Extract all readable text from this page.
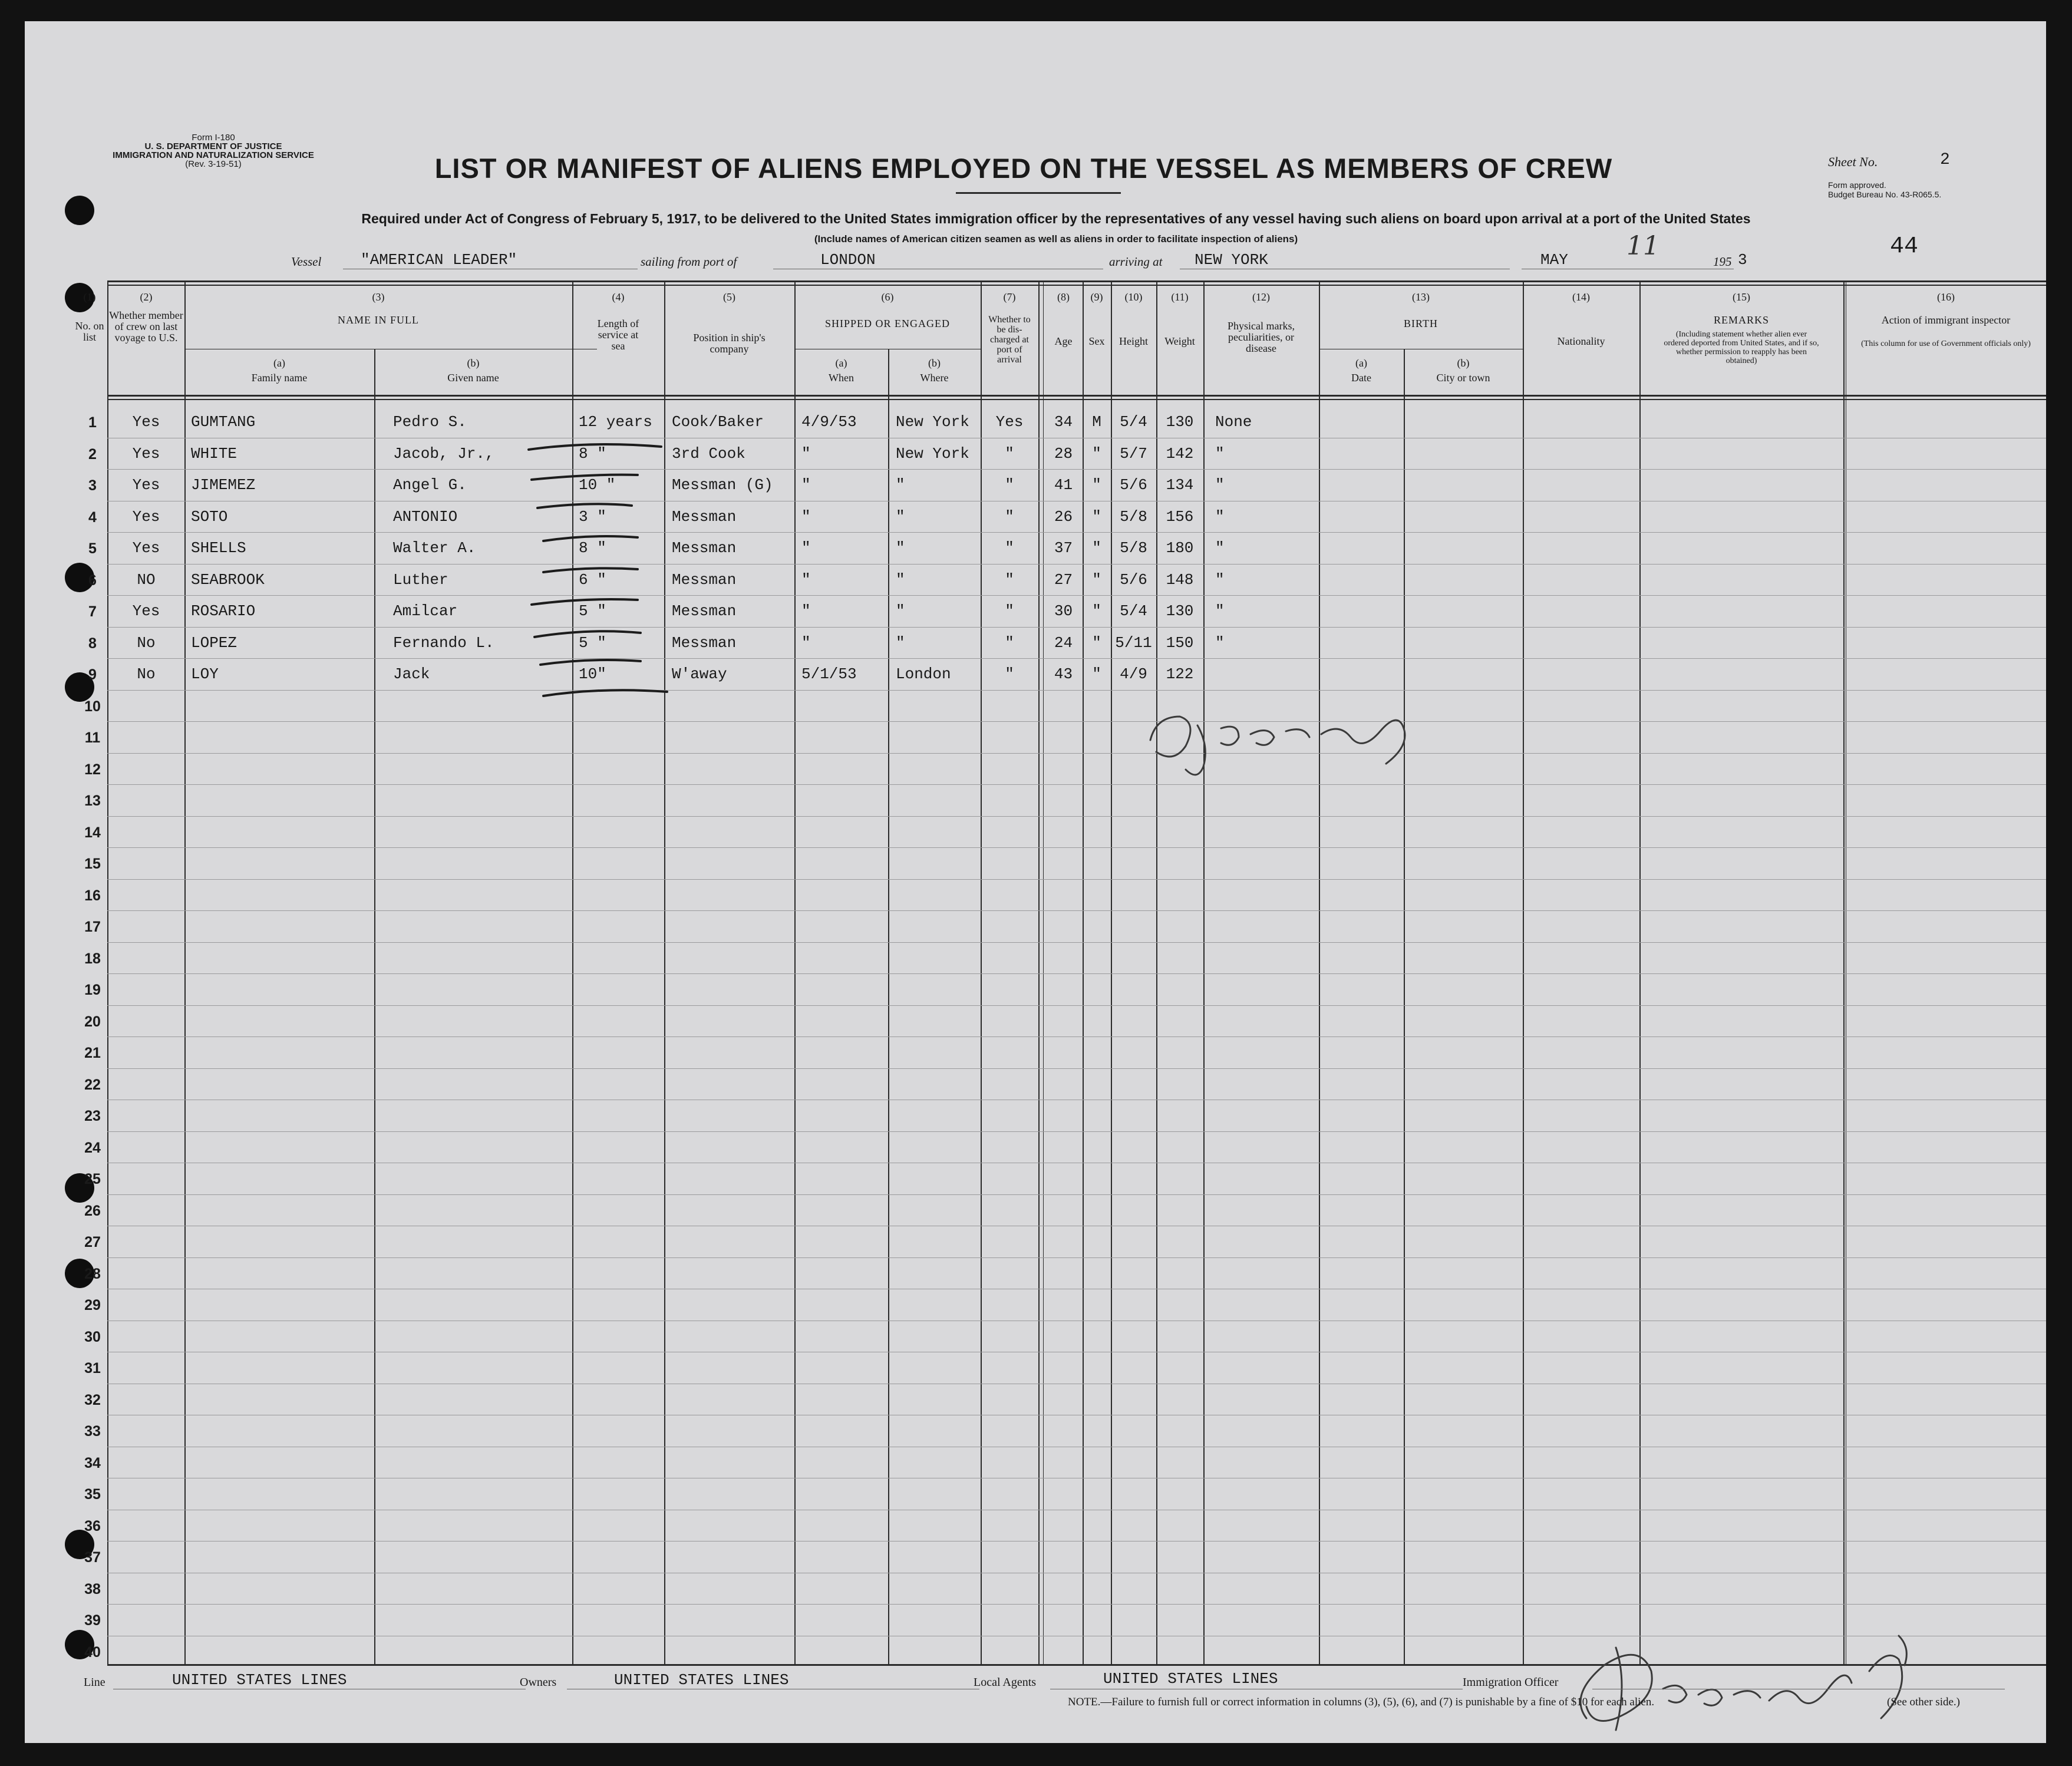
Form I-180
U. S. DEPARTMENT OF JUSTICE
IMMIGRATION AND NATURALIZATION SERVICE
(Rev. 3-19-51)	LIST OR MANIFEST OF ALIENS EMPLOYED ON THE VESSEL AS MEMBERS OF CREW	Sheet No.	2
Form approved.
Budget Bureau No. 43-R065.5.
Required under Act of Congress of February 5, 1917, to be delivered to the United States immigration officer by the representatives of any vessel having such aliens on board upon arrival at a port of the United States
(Include names of American citizen seamen as well as aliens in order to facilitate inspection of aliens)
Vessel	"AMERICAN LEADER"	sailing from port of	LONDON	arriving at NEW YORK	MAY 11
195 3	44
(1)
No. on list
(2)
Whether member of crew on last voyage to U.S.
(3)
NAME IN FULL
(a)
Family name
(b)
Given name
(4)
Length of service at sea
(5)
Position in ship's company
(6)
SHIPPED OR ENGAGED
(a)
When
(b)
Where
(7)
Whether to be dis-charged at port of arrival
(8)
Age
(9)
Sex
(10)
Height
(11)
Weight
(12)
Physical marks, peculiarities, or disease
(13)
BIRTH
(a)
Date
(b)
City or town
(14)
Nationality
(15)
REMARKS
(Including statement whether alien ever ordered deported from United States, and if so, whether permission to reapply has been obtained)
(16)
Action of immigrant inspector
(This column for use of Government officials only)
1	Yes	GUMTANG	Pedro S.	12 years Cook/Baker 4/9/53	New York	Yes	34	M	5/4	130	None
2	Yes	WHITE	Jacob, Jr.,	8 "	3rd Cook	"	New York	"	28	"	5/7	142	"
3	Yes	JIMEMEZ	Angel G.	10 "	Messman (G) "	"	"	41	"	5/6	134	"
4	Yes	SOTO	ANTONIO	3 "	Messman	"	"	"	26	"	5/8	156	"
5	Yes	SHELLS	Walter A.	8 "	Messman	"	"	"	37	"	5/8	180	"
6	NO	SEABROOK	Luther	6 "	Messman	"	"	"	27	"	5/6	148	"
7	Yes	ROSARIO	Amilcar	5 "	Messman	"	"	"	30	"	5/4	130	"
8	No	LOPEZ	Fernando L.	5 "	Messman	"	"	"	24	" 5/11 150	"
9	No	LOY	Jack	10"	W'away	5/1/53	London	"	43	"	4/9	122
10
11
12
13
14
15
16
17
18
19
20
21
22
23
24
25
26
27
28
29
30
31
32
33
34
35
36
37
38
39
40
Line	UNITED STATES LINES	Owners	UNITED STATES LINES	Local Agents	UNITED STATES LINES	Immigration Officer
NOTE.—Failure to furnish full or correct information in columns (3), (5), (6), and (7) is punishable by a fine of $10 for each alien.	(See other side.)
